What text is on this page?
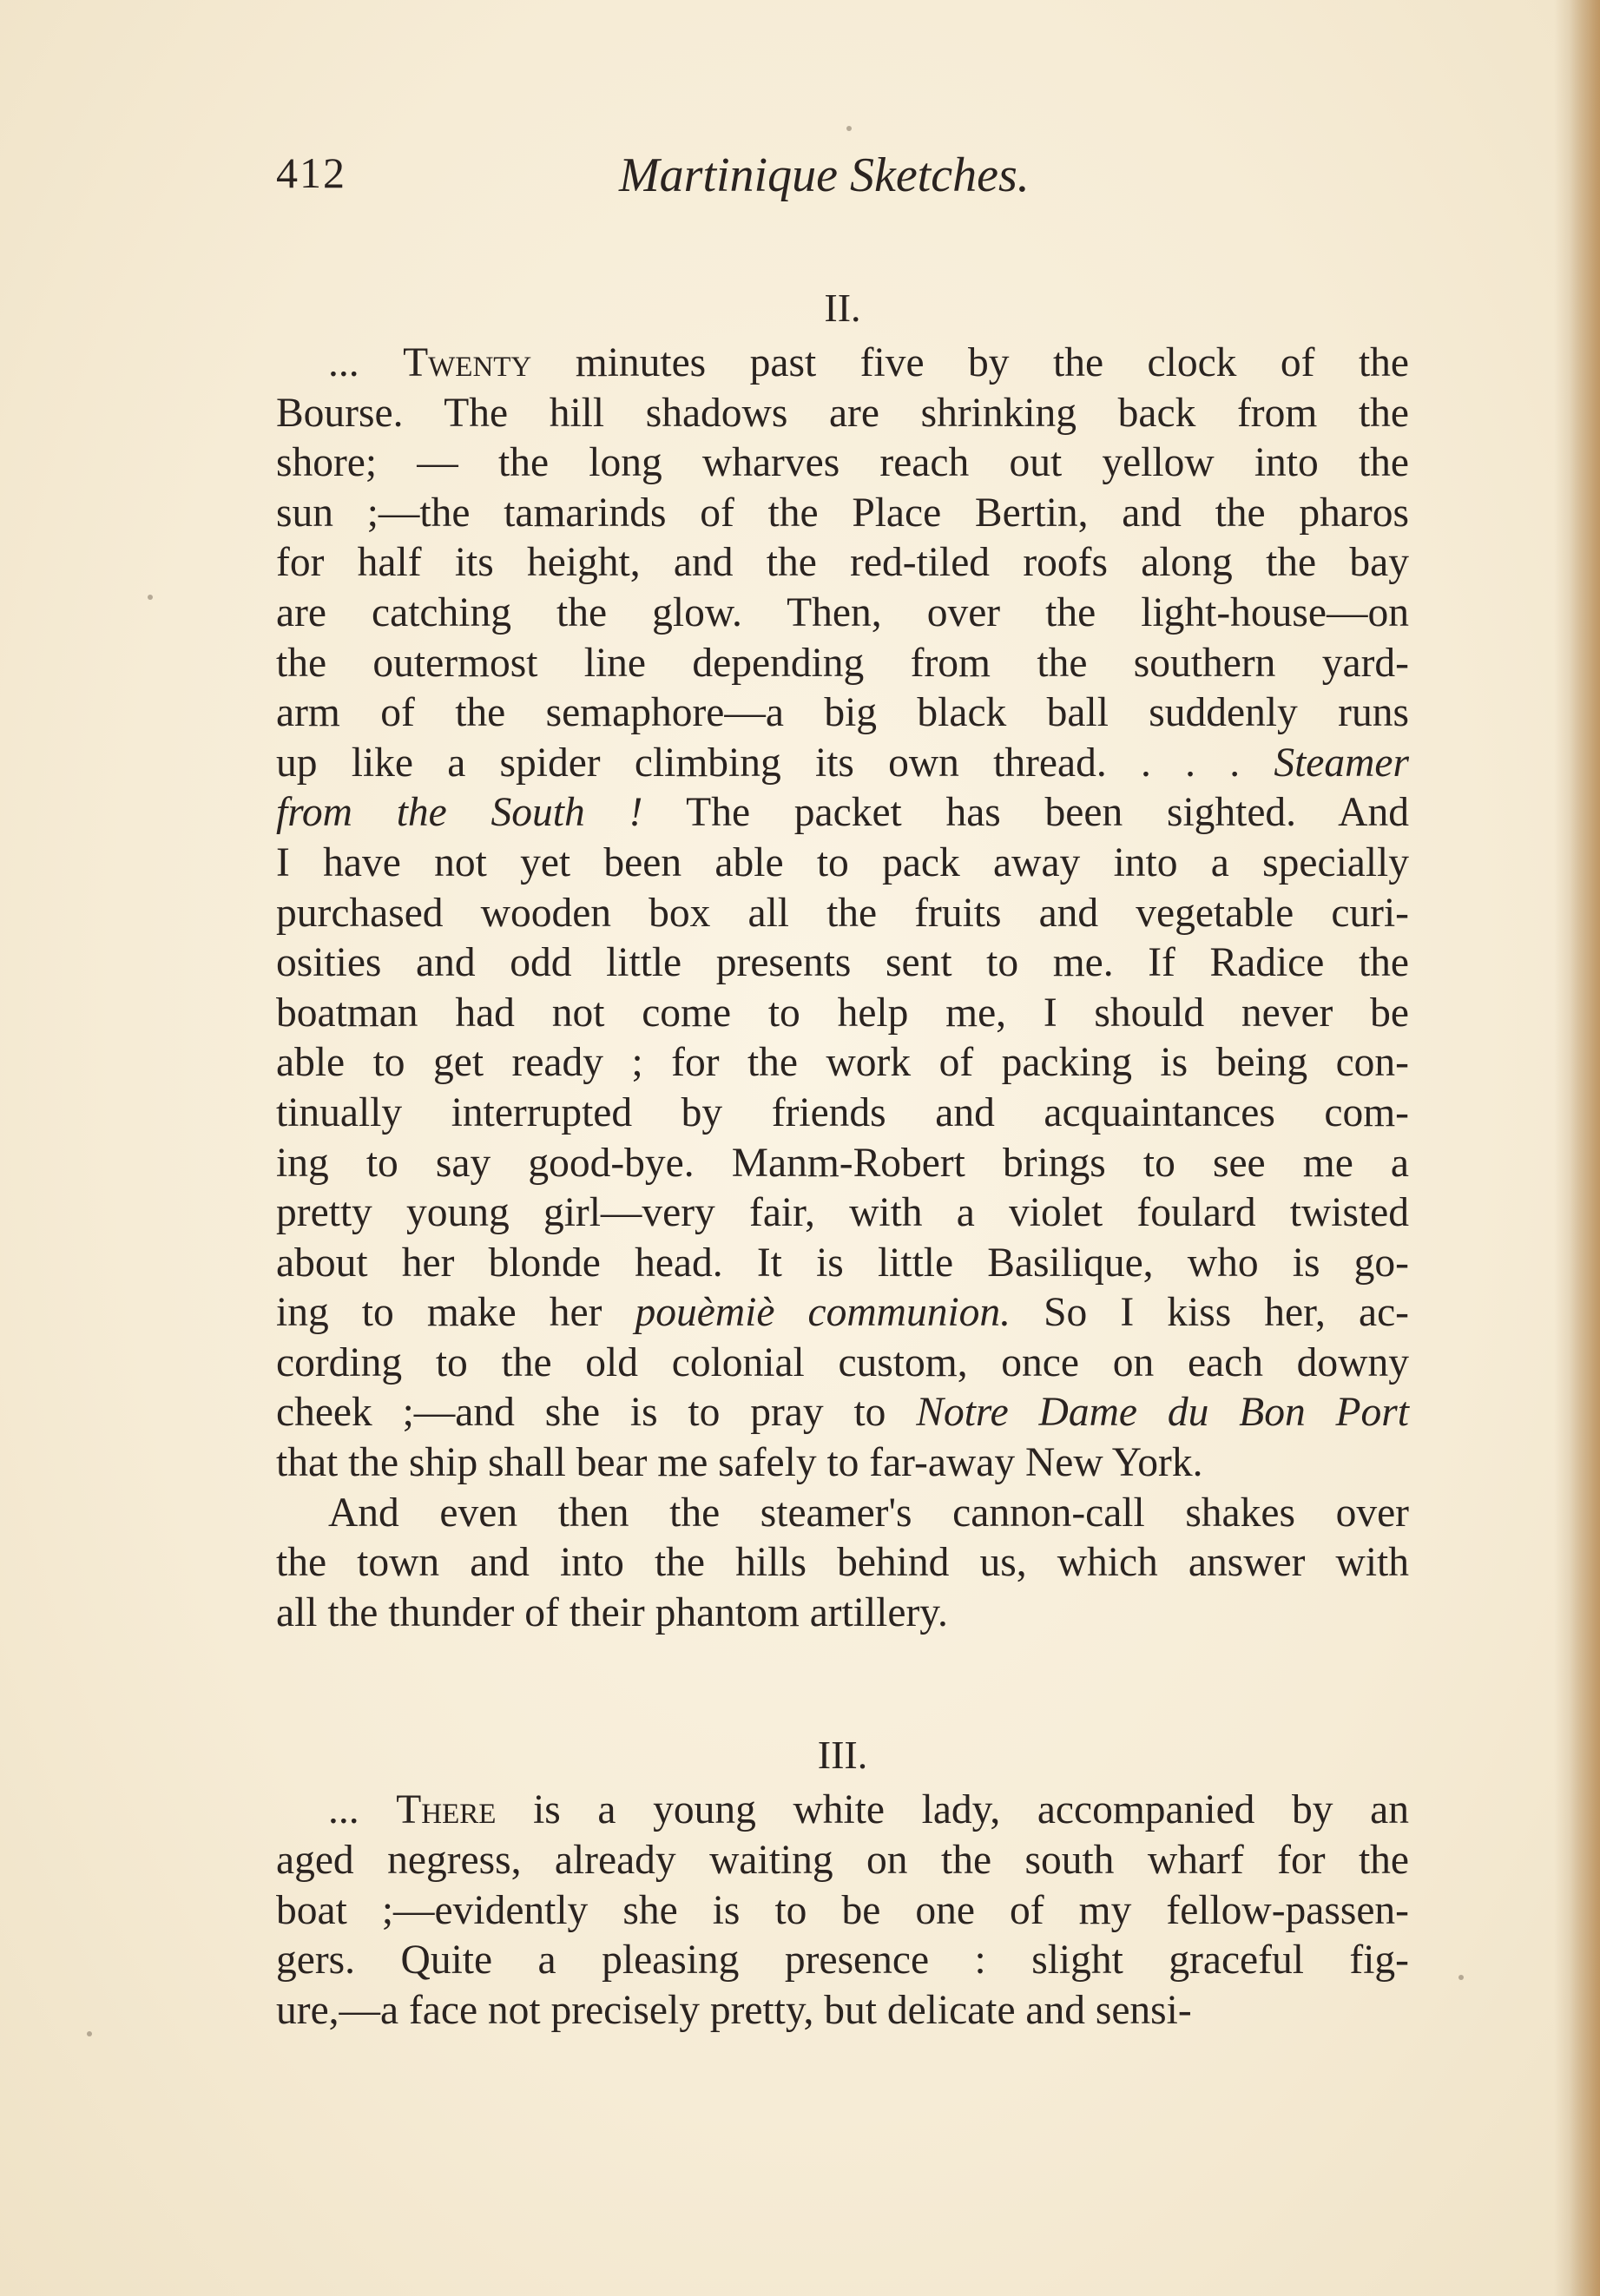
412	Martinique Sketches.

II.

... Twenty minutes past five by the clock of the
Bourse. The hill shadows are shrinking back from the
shore; — the long wharves reach out yellow into the
sun ;—the tamarinds of the Place Bertin, and the pharos
for half its height, and the red-tiled roofs along the bay
are catching the glow. Then, over the light-house—on
the outermost line depending from the southern yard-
arm of the semaphore—a big black ball suddenly runs
up like a spider climbing its own thread. . . . Steamer
from the South ! The packet has been sighted. And
I have not yet been able to pack away into a specially
purchased wooden box all the fruits and vegetable curi-
osities and odd little presents sent to me. If Radice the
boatman had not come to help me, I should never be
able to get ready ; for the work of packing is being con-
tinually interrupted by friends and acquaintances com-
ing to say good-bye. Manm-Robert brings to see me a
pretty young girl—very fair, with a violet foulard twisted
about her blonde head. It is little Basilique, who is go-
ing to make her pouèmiè communion. So I kiss her, ac-
cording to the old colonial custom, once on each downy
cheek ;—and she is to pray to Notre Dame du Bon Port
that the ship shall bear me safely to far-away New York.

And even then the steamer's cannon-call shakes over
the town and into the hills behind us, which answer with
all the thunder of their phantom artillery.

III.

... There is a young white lady, accompanied by an
aged negress, already waiting on the south wharf for the
boat ;—evidently she is to be one of my fellow-passen-
gers. Quite a pleasing presence : slight graceful fig-
ure,—a face not precisely pretty, but delicate and sensi-
